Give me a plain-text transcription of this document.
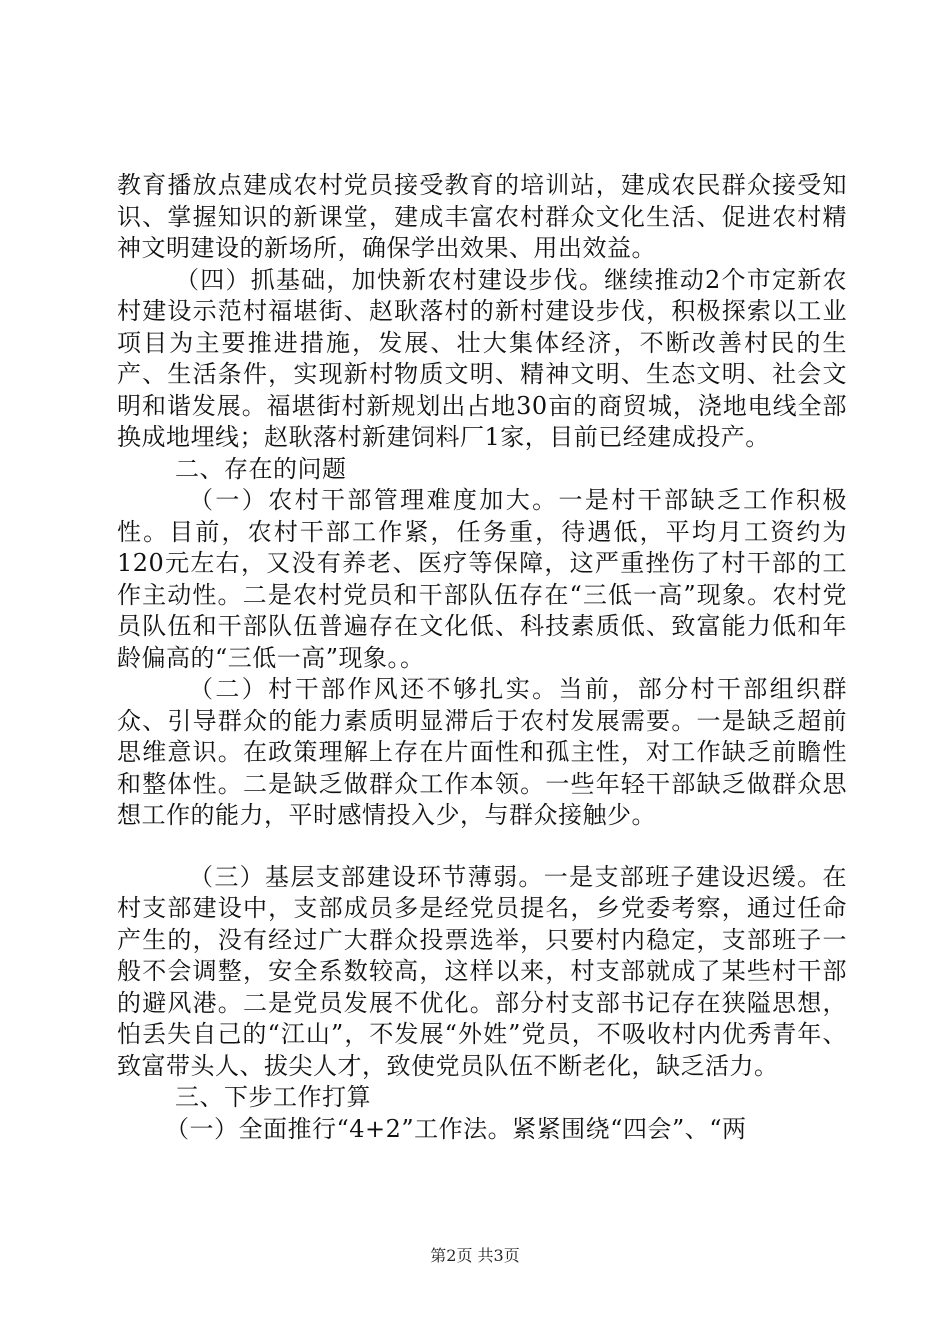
教育播放点建成农村党员接受教育的培训站，建成农民群众接受知识、掌握知识的新课堂，建成丰富农村群众文化生活、促进农村精神文明建设的新场所，确保学出效果、用出效益。

（四）抓基础，加快新农村建设步伐。继续推动2个市定新农村建设示范村福堪街、赵耿落村的新村建设步伐，积极探索以工业项目为主要推进措施，发展、壮大集体经济，不断改善村民的生产、生活条件，实现新村物质文明、精神文明、生态文明、社会文明和谐发展。福堪街村新规划出占地30亩的商贸城，浇地电线全部换成地埋线；赵耿落村新建饲料厂1家，目前已经建成投产。

二、存在的问题

（一）农村干部管理难度加大。一是村干部缺乏工作积极性。目前，农村干部工作紧，任务重，待遇低，平均月工资约为120元左右，又没有养老、医疗等保障，这严重挫伤了村干部的工作主动性。二是农村党员和干部队伍存在“三低一高”现象。农村党员队伍和干部队伍普遍存在文化低、科技素质低、致富能力低和年龄偏高的“三低一高”现象。。

（二）村干部作风还不够扎实。当前，部分村干部组织群众、引导群众的能力素质明显滞后于农村发展需要。一是缺乏超前思维意识。在政策理解上存在片面性和孤主性，对工作缺乏前瞻性和整体性。二是缺乏做群众工作本领。一些年轻干部缺乏做群众思想工作的能力，平时感情投入少，与群众接触少。

（三）基层支部建设环节薄弱。一是支部班子建设迟缓。在村支部建设中，支部成员多是经党员提名，乡党委考察，通过任命产生的，没有经过广大群众投票选举，只要村内稳定，支部班子一般不会调整，安全系数较高，这样以来，村支部就成了某些村干部的避风港。二是党员发展不优化。部分村支部书记存在狭隘思想，怕丢失自己的“江山”，不发展“外姓”党员，不吸收村内优秀青年、致富带头人、拔尖人才，致使党员队伍不断老化，缺乏活力。

三、下步工作打算

（一）全面推行“4+2”工作法。紧紧围绕“四会”、“两

第2页 共3页
